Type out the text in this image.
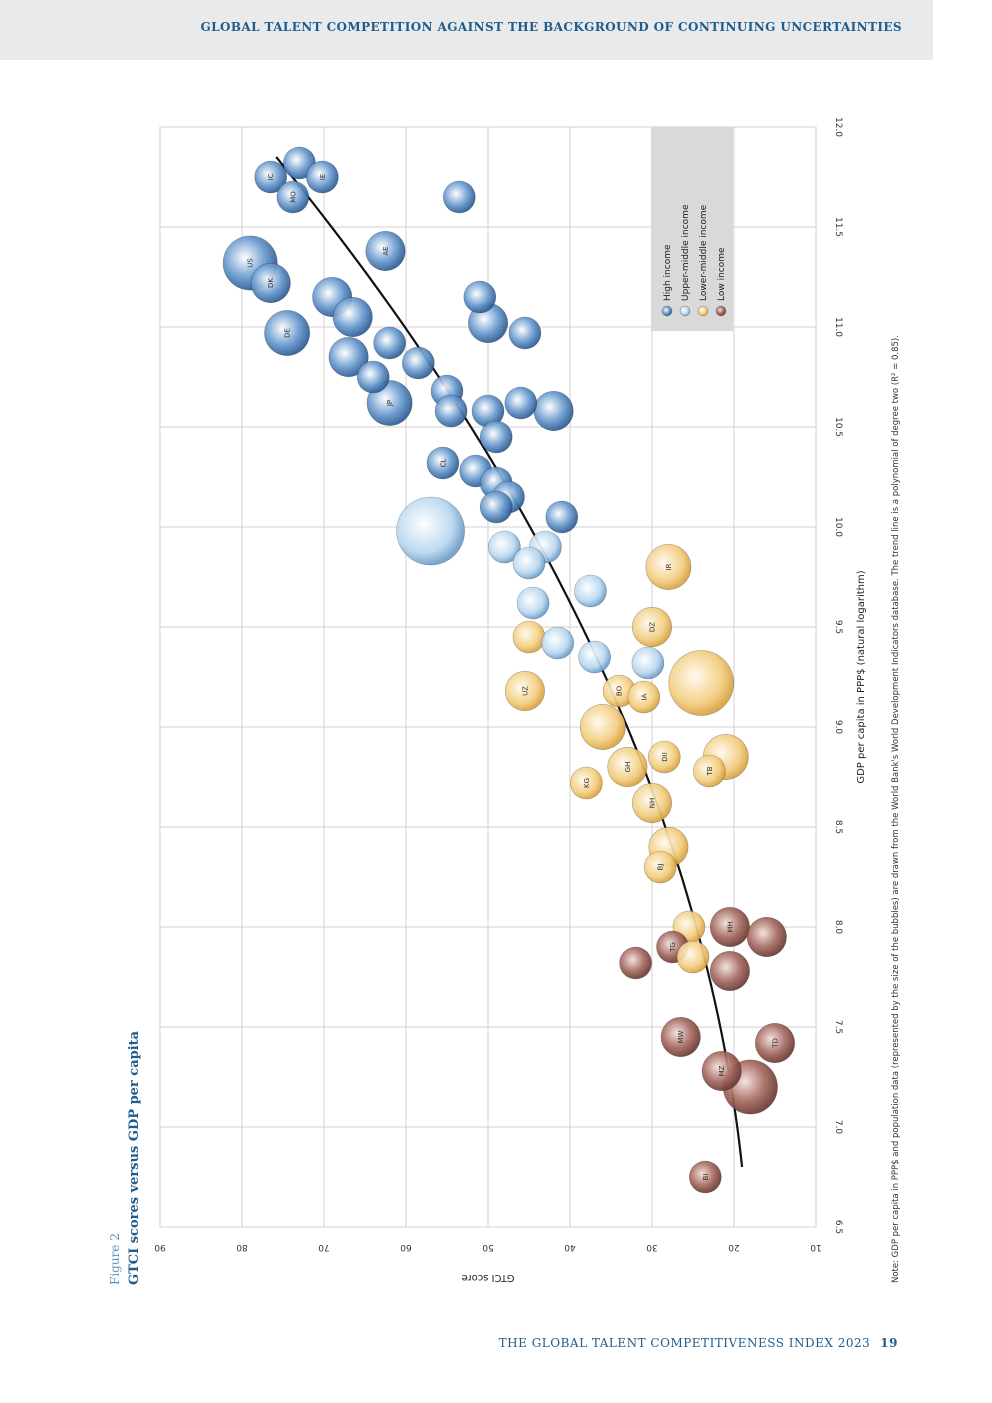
GLOBAL TALENT COMPETITION AGAINST THE BACKGROUND OF CONTINUING UNCERTAINTIES
High income Upper-middle income Lower-middle income Low income
US
DE
JP
IR
AE
DK
DZ
UZ
GH
NH
MH
MW	TD
MZ
IC	IE
MO
CL
BO
IA
DII
TB
KG
BJ
TG
BI
6.5
7.0
7.5
8.0
8.5
9.0
9.5
10.0
10.5
11.0
11.5
12.0
90	80	70	60	50	40	30	20	10
GDP per capita in PPP$ (natural logarithm)
GTCI score
Figure 2 GTCI scores versus GDP per capita	Note: GDP per capita in PPP$ and population data (represented by the size of the bubbles) are drawn from the World Bank's World Development Indicators database. The trend line is a polynomial of degree two (R² = 0.85).
THE GLOBAL TALENT COMPETITIVENESS INDEX 2023 19
